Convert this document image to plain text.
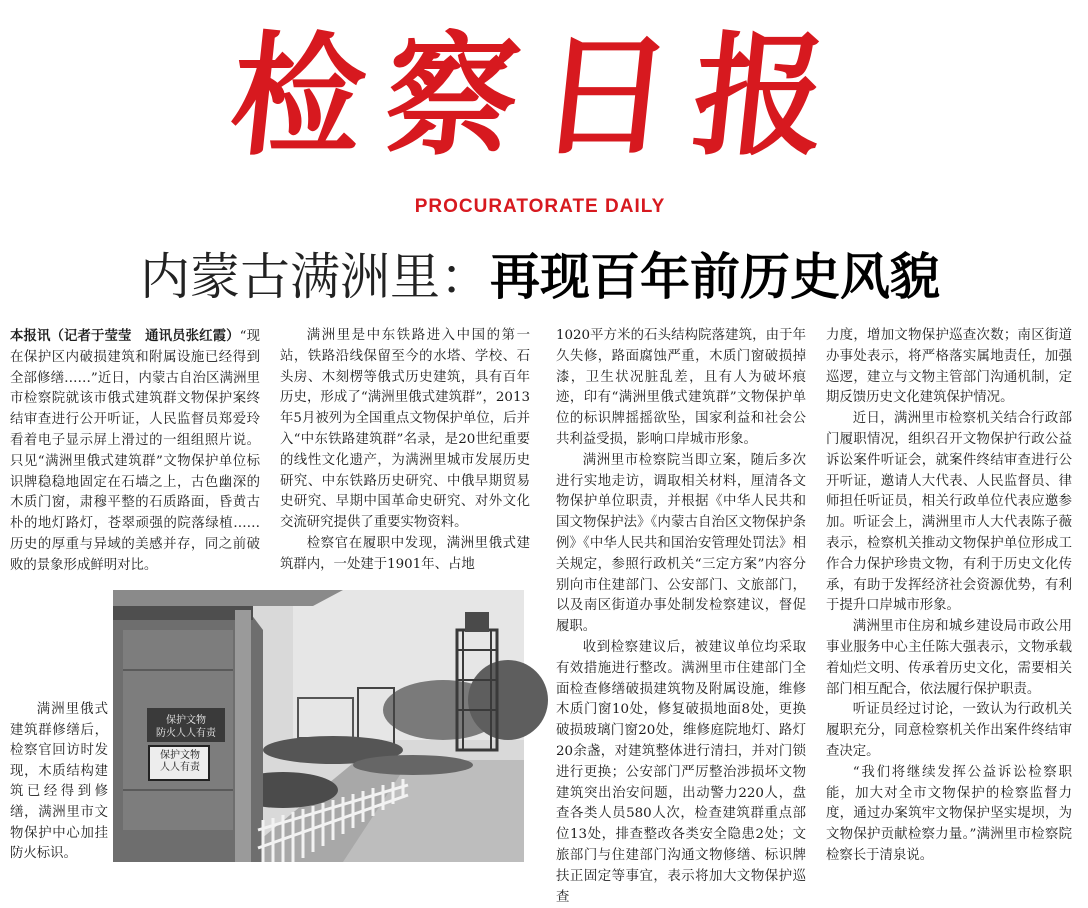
检察日报
PROCURATORATE DAILY
内蒙古满洲里：再现百年前历史风貌

本报讯（记者于莹莹　通讯员张红霞）“现在保护区内破损建筑和附属设施已经得到全部修缮……”近日，内蒙古自治区满洲里市检察院就该市俄式建筑群文物保护案终结审查进行公开听证，人民监督员郑爱玲看着电子显示屏上滑过的一组组照片说。只见“满洲里俄式建筑群”文物保护单位标识牌稳稳地固定在石墙之上，古色幽深的木质门窗，肃穆平整的石质路面，昏黄古朴的地灯路灯，苍翠顽强的院落绿植……历史的厚重与异域的美感并存，同之前破败的景象形成鲜明对比。

满洲里是中东铁路进入中国的第一站，铁路沿线保留至今的水塔、学校、石头房、木刻楞等俄式历史建筑，具有百年历史，形成了“满洲里俄式建筑群”，2013年5月被列为全国重点文物保护单位，后并入“中东铁路建筑群”名录，是20世纪重要的线性文化遗产，为满洲里城市发展历史研究、中东铁路历史研究、中俄早期贸易史研究、早期中国革命史研究、对外文化交流研究提供了重要实物资料。

检察官在履职中发现，满洲里俄式建筑群内，一处建于1901年、占地

1020平方米的石头结构院落建筑，由于年久失修，路面腐蚀严重，木质门窗破损掉漆，卫生状况脏乱差，且有人为破坏痕迹，印有“满洲里俄式建筑群”文物保护单位的标识牌摇摇欲坠，国家利益和社会公共利益受损，影响口岸城市形象。

满洲里市检察院当即立案，随后多次进行实地走访，调取相关材料，厘清各文物保护单位职责，并根据《中华人民共和国文物保护法》《内蒙古自治区文物保护条例》《中华人民共和国治安管理处罚法》相关规定，参照行政机关“三定方案”内容分别向市住建部门、公安部门、文旅部门，以及南区街道办事处制发检察建议，督促履职。

收到检察建议后，被建议单位均采取有效措施进行整改。满洲里市住建部门全面检查修缮破损建筑物及附属设施，维修木质门窗10处，修复破损地面8处，更换破损玻璃门窗20处，维修庭院地灯、路灯20余盏，对建筑整体进行清扫，并对门锁进行更换；公安部门严厉整治涉损坏文物建筑突出治安问题，出动警力220人，盘查各类人员580人次，检查建筑群重点部位13处，排查整改各类安全隐患2处；文旅部门与住建部门沟通文物修缮、标识牌扶正固定等事宜，表示将加大文物保护巡查

力度，增加文物保护巡查次数；南区街道办事处表示，将严格落实属地责任，加强巡逻，建立与文物主管部门沟通机制，定期反馈历史文化建筑保护情况。

近日，满洲里市检察机关结合行政部门履职情况，组织召开文物保护行政公益诉讼案件听证会，就案件终结审查进行公开听证，邀请人大代表、人民监督员、律师担任听证员，相关行政单位代表应邀参加。听证会上，满洲里市人大代表陈子薇表示，检察机关推动文物保护单位形成工作合力保护珍贵文物，有利于历史文化传承，有助于发挥经济社会资源优势，有利于提升口岸城市形象。

满洲里市住房和城乡建设局市政公用事业服务中心主任陈大强表示，文物承载着灿烂文明、传承着历史文化，需要相关部门相互配合，依法履行保护职责。

听证员经过讨论，一致认为行政机关履职充分，同意检察机关作出案件终结审查决定。

“我们将继续发挥公益诉讼检察职能，加大对全市文物保护的检察监督力度，通过办案筑牢文物保护坚实堤坝，为文物保护贡献检察力量。”满洲里市检察院检察长于清泉说。

满洲里俄式建筑群修缮后，检察官回访时发现，木质结构建筑已经得到修缮，满洲里市文物保护中心加挂防火标识。

保护文物
防火人人有责
保护文物
人人有责
